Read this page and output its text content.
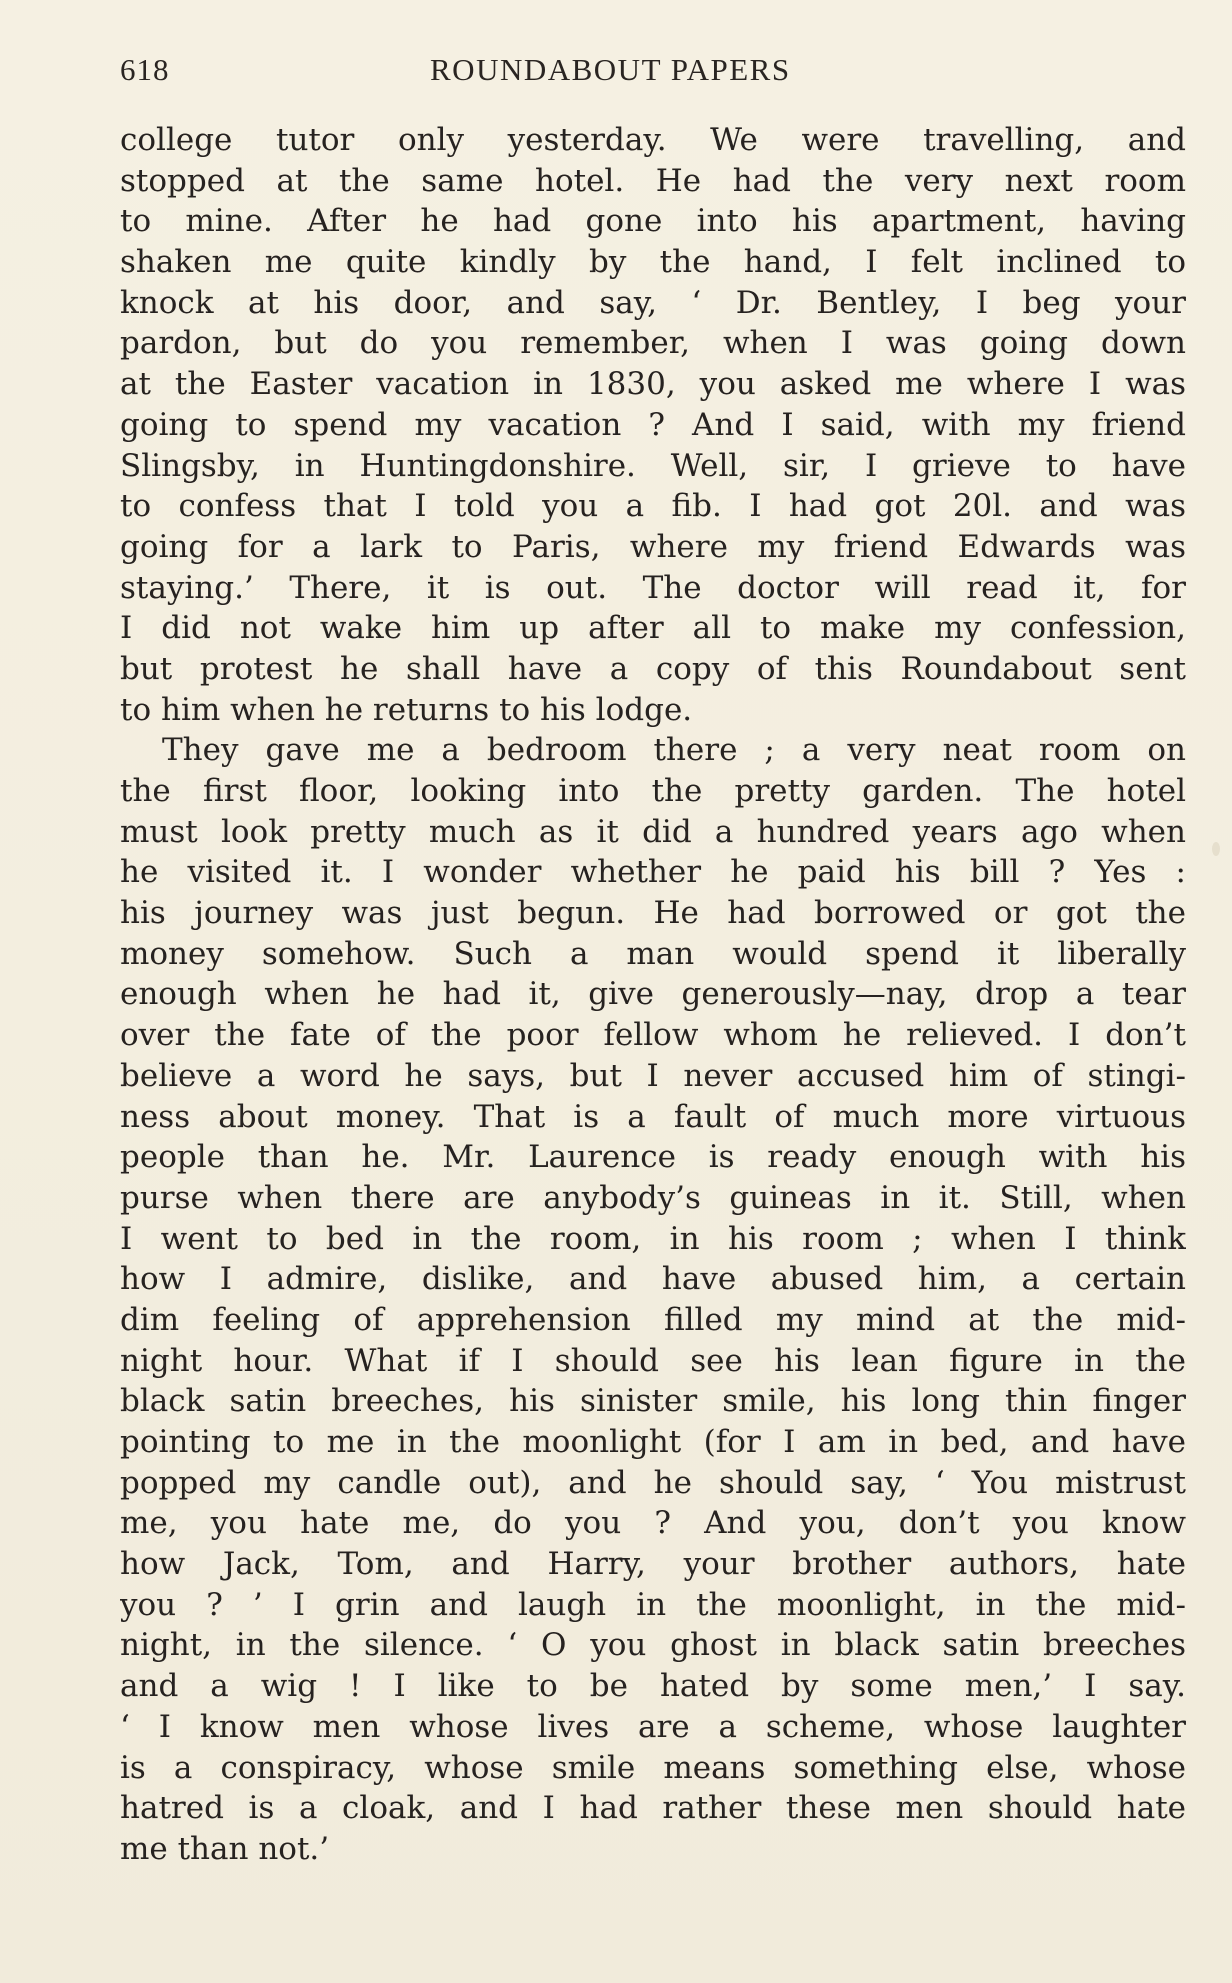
618	ROUNDABOUT PAPERS
college tutor only yesterday. We were travelling, and
stopped at the same hotel. He had the very next room
to mine. After he had gone into his apartment, having
shaken me quite kindly by the hand, I felt inclined to
knock at his door, and say, ‘ Dr. Bentley, I beg your
pardon, but do you remember, when I was going down
at the Easter vacation in 1830, you asked me where I was
going to spend my vacation ? And I said, with my friend
Slingsby, in Huntingdonshire. Well, sir, I grieve to have
to confess that I told you a fib. I had got 20l. and was
going for a lark to Paris, where my friend Edwards was
staying.’ There, it is out. The doctor will read it, for
I did not wake him up after all to make my confession,
but protest he shall have a copy of this Roundabout sent
to him when he returns to his lodge.
They gave me a bedroom there ; a very neat room on
the first floor, looking into the pretty garden. The hotel
must look pretty much as it did a hundred years ago when
he visited it. I wonder whether he paid his bill ? Yes :
his journey was just begun. He had borrowed or got the
money somehow. Such a man would spend it liberally
enough when he had it, give generously—nay, drop a tear
over the fate of the poor fellow whom he relieved. I don’t
believe a word he says, but I never accused him of stingi-
ness about money. That is a fault of much more virtuous
people than he. Mr. Laurence is ready enough with his
purse when there are anybody’s guineas in it. Still, when
I went to bed in the room, in his room ; when I think
how I admire, dislike, and have abused him, a certain
dim feeling of apprehension filled my mind at the mid-
night hour. What if I should see his lean figure in the
black satin breeches, his sinister smile, his long thin finger
pointing to me in the moonlight (for I am in bed, and have
popped my candle out), and he should say, ‘ You mistrust
me, you hate me, do you ? And you, don’t you know
how Jack, Tom, and Harry, your brother authors, hate
you ? ’ I grin and laugh in the moonlight, in the mid-
night, in the silence. ‘ O you ghost in black satin breeches
and a wig ! I like to be hated by some men,’ I say.
‘ I know men whose lives are a scheme, whose laughter
is a conspiracy, whose smile means something else, whose
hatred is a cloak, and I had rather these men should hate
me than not.’
